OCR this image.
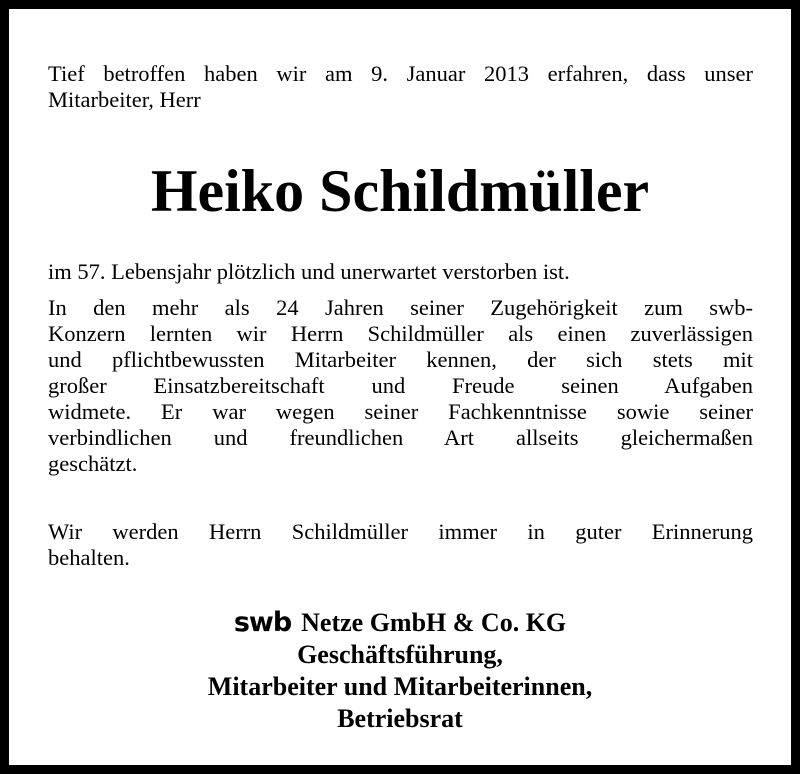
Tief betroffen haben wir am 9. Januar 2013 erfahren, dass unser
Mitarbeiter, Herr
Heiko Schildmüller
im 57. Lebensjahr plötzlich und unerwartet verstorben ist.
In den mehr als 24 Jahren seiner Zugehörigkeit zum swb-
Konzern lernten wir Herrn Schildmüller als einen zuverlässigen
und pflichtbewussten Mitarbeiter kennen, der sich stets mit
großer Einsatzbereitschaft und Freude seinen Aufgaben
widmete. Er war wegen seiner Fachkenntnisse sowie seiner
verbindlichen und freundlichen Art allseits gleichermaßen
geschätzt.
Wir werden Herrn Schildmüller immer in guter Erinnerung
behalten.
swb Netze GmbH & Co. KG
Geschäftsführung,
Mitarbeiter und Mitarbeiterinnen,
Betriebsrat
